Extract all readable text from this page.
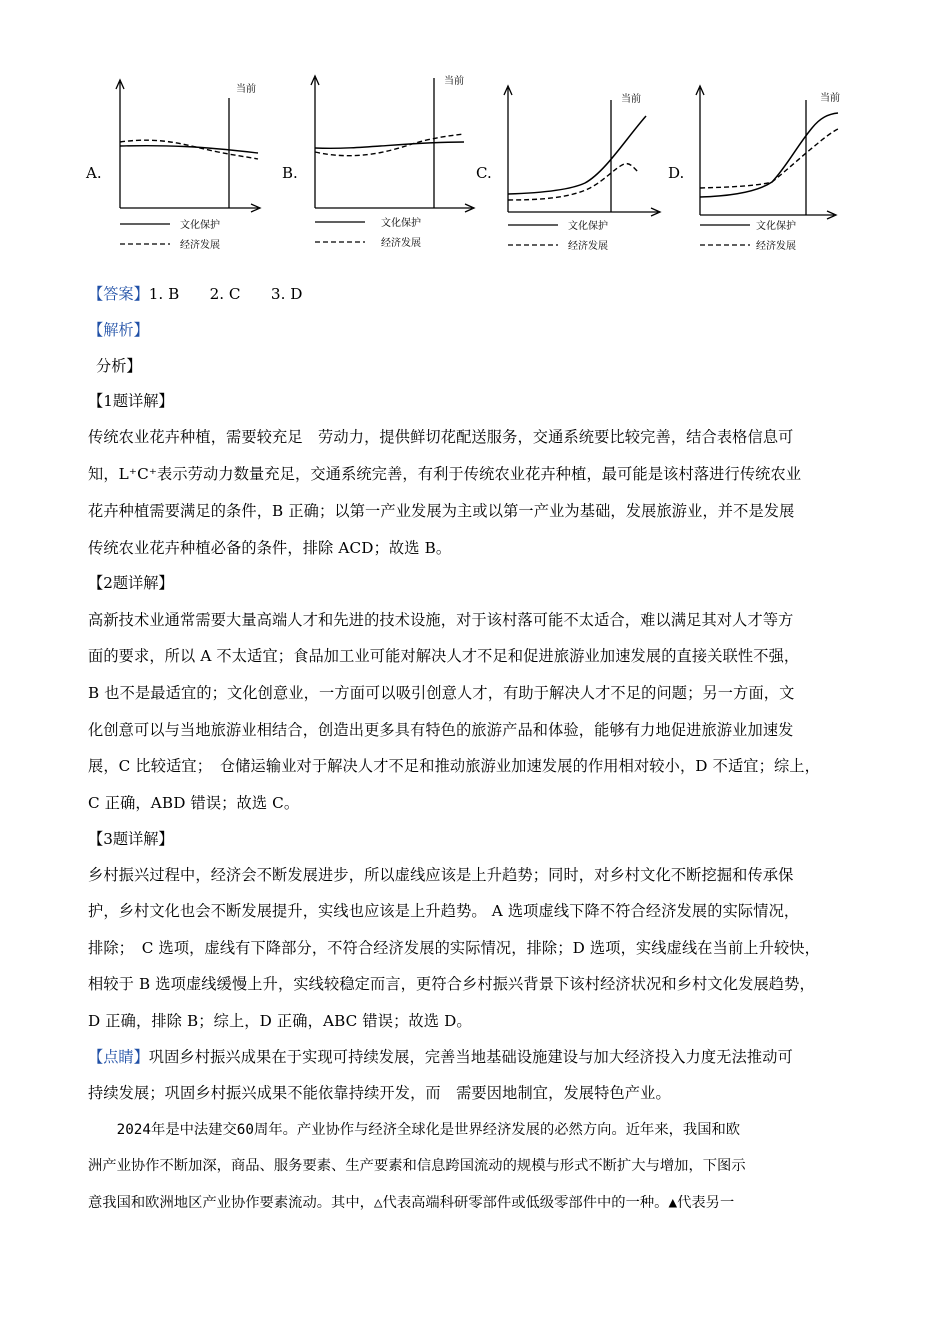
A.
当前
文化保护
经济发展
B.
当前
文化保护
经济发展
C.
当前
文化保护
经济发展
D.
当前
文化保护
经济发展
【答案】1. B　　2. C　　3. D
【解析】
分析】
【1题详解】
传统农业花卉种植，需要较充足　劳动力，提供鲜切花配送服务，交通系统要比较完善，结合表格信息可
知，L⁺C⁺表示劳动力数量充足，交通系统完善，有利于传统农业花卉种植，最可能是该村落进行传统农业
花卉种植需要满足的条件，B 正确；以第一产业发展为主或以第一产业为基础，发展旅游业，并不是发展
传统农业花卉种植必备的条件，排除 ACD；故选 B。
【2题详解】
高新技术业通常需要大量高端人才和先进的技术设施，对于该村落可能不太适合，难以满足其对人才等方
面的要求，所以 A 不太适宜；食品加工业可能对解决人才不足和促进旅游业加速发展的直接关联性不强，
B 也不是最适宜的；文化创意业，一方面可以吸引创意人才，有助于解决人才不足的问题；另一方面，文
化创意可以与当地旅游业相结合，创造出更多具有特色的旅游产品和体验，能够有力地促进旅游业加速发
展，C 比较适宜；　仓储运输业对于解决人才不足和推动旅游业加速发展的作用相对较小，D 不适宜；综上，
C 正确，ABD 错误；故选 C。
【3题详解】
乡村振兴过程中，经济会不断发展进步，所以虚线应该是上升趋势；同时，对乡村文化不断挖掘和传承保
护，乡村文化也会不断发展提升，实线也应该是上升趋势。 A 选项虚线下降不符合经济发展的实际情况，
排除；　C 选项，虚线有下降部分，不符合经济发展的实际情况，排除；D 选项，实线虚线在当前上升较快，
相较于 B 选项虚线缓慢上升，实线较稳定而言，更符合乡村振兴背景下该村经济状况和乡村文化发展趋势，
D 正确，排除 B；综上，D 正确，ABC 错误；故选 D。
【点睛】巩固乡村振兴成果在于实现可持续发展，完善当地基础设施建设与加大经济投入力度无法推动可
持续发展；巩固乡村振兴成果不能依靠持续开发，而　需要因地制宜，发展特色产业。
　　2024年是中法建交60周年。产业协作与经济全球化是世界经济发展的必然方向。近年来，我国和欧
洲产业协作不断加深，商品、服务要素、生产要素和信息跨国流动的规模与形式不断扩大与增加，下图示
意我国和欧洲地区产业协作要素流动。其中，△代表高端科研零部件或低级零部件中的一种。▲代表另一
